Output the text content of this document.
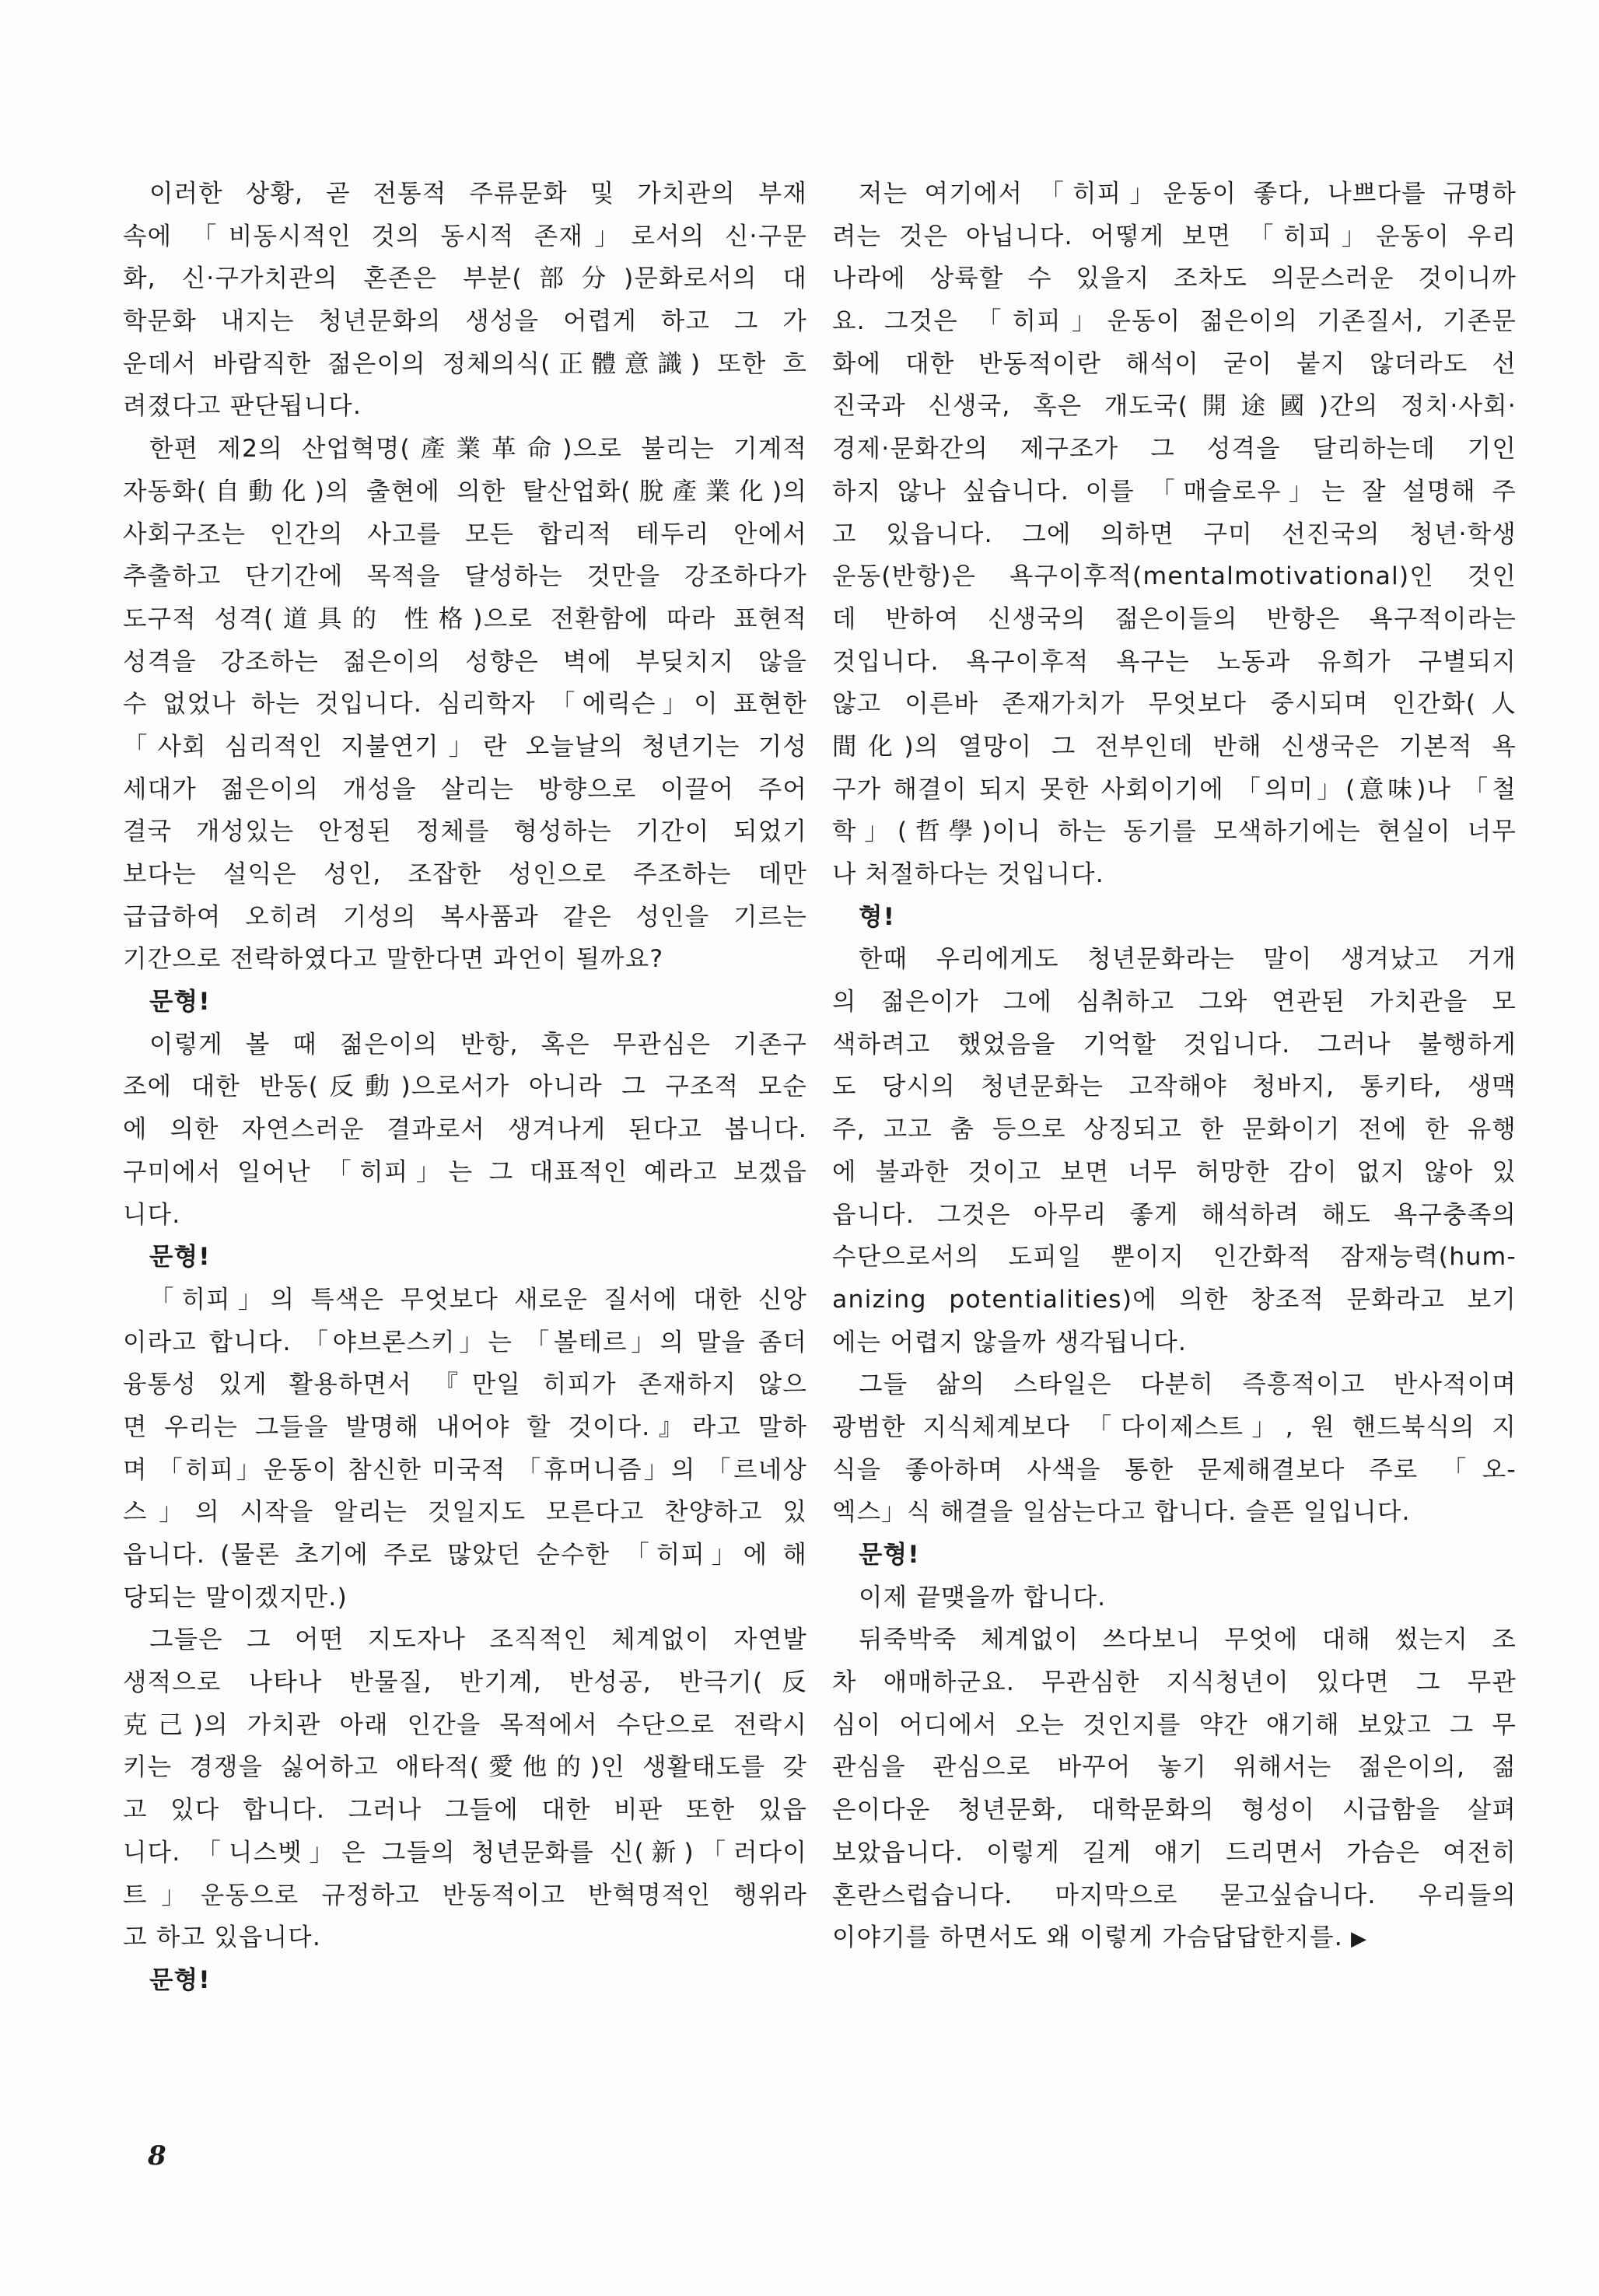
이러한 상황, 곧 전통적 주류문화 및 가치관의 부재
속에 「비동시적인 것의 동시적 존재」로서의 신·구문
화, 신·구가치관의 혼존은 부분(部分)문화로서의 대
학문화 내지는 청년문화의 생성을 어렵게 하고 그 가
운데서 바람직한 젊은이의 정체의식(正體意識) 또한 흐
려졌다고 판단됩니다.
한편 제2의 산업혁명(產業革命)으로 불리는 기계적
자동화(自動化)의 출현에 의한 탈산업화(脫產業化)의
사회구조는 인간의 사고를 모든 합리적 테두리 안에서
추출하고 단기간에 목적을 달성하는 것만을 강조하다가
도구적 성격(道具的 性格)으로 전환함에 따라 표현적
성격을 강조하는 젊은이의 성향은 벽에 부딪치지 않을
수 없었나 하는 것입니다. 심리학자 「에릭슨」이 표현한
「사회 심리적인 지불연기」란 오늘날의 청년기는 기성
세대가 젊은이의 개성을 살리는 방향으로 이끌어 주어
결국 개성있는 안정된 정체를 형성하는 기간이 되었기
보다는 설익은 성인, 조잡한 성인으로 주조하는 데만
급급하여 오히려 기성의 복사품과 같은 성인을 기르는
기간으로 전락하였다고 말한다면 과언이 될까요?
문형!
이렇게 볼 때 젊은이의 반항, 혹은 무관심은 기존구
조에 대한 반동(反動)으로서가 아니라 그 구조적 모순
에 의한 자연스러운 결과로서 생겨나게 된다고 봅니다.
구미에서 일어난 「히피」는 그 대표적인 예라고 보겠읍
니다.
문형!
「히피」의 특색은 무엇보다 새로운 질서에 대한 신앙
이라고 합니다. 「야브론스키」는 「볼테르」의 말을 좀더
융통성 있게 활용하면서 『만일 히피가 존재하지 않으
면 우리는 그들을 발명해 내어야 할 것이다.』라고 말하
며 「히피」운동이 참신한 미국적 「휴머니즘」의 「르네상
스」의 시작을 알리는 것일지도 모른다고 찬양하고 있
읍니다. (물론 초기에 주로 많았던 순수한 「히피」에 해
당되는 말이겠지만.)
그들은 그 어떤 지도자나 조직적인 체계없이 자연발
생적으로 나타나 반물질, 반기계, 반성공, 반극기(反
克己)의 가치관 아래 인간을 목적에서 수단으로 전락시
키는 경쟁을 싫어하고 애타적(愛他的)인 생활태도를 갖
고 있다 합니다. 그러나 그들에 대한 비판 또한 있읍
니다. 「니스벳」은 그들의 청년문화를 신(新)「러다이
트」운동으로 규정하고 반동적이고 반혁명적인 행위라
고 하고 있읍니다.
문형!
저는 여기에서 「히피」운동이 좋다, 나쁘다를 규명하
려는 것은 아닙니다. 어떻게 보면 「히피」운동이 우리
나라에 상륙할 수 있을지 조차도 의문스러운 것이니까
요. 그것은 「히피」운동이 젊은이의 기존질서, 기존문
화에 대한 반동적이란 해석이 굳이 붙지 않더라도 선
진국과 신생국, 혹은 개도국(開途國)간의 정치·사회·
경제·문화간의 제구조가 그 성격을 달리하는데 기인
하지 않나 싶습니다. 이를 「매슬로우」는 잘 설명해 주
고 있읍니다. 그에 의하면 구미 선진국의 청년·학생
운동(반항)은 욕구이후적(mentalmotivational)인 것인
데 반하여 신생국의 젊은이들의 반항은 욕구적이라는
것입니다. 욕구이후적 욕구는 노동과 유희가 구별되지
않고 이른바 존재가치가 무엇보다 중시되며 인간화(人
間化)의 열망이 그 전부인데 반해 신생국은 기본적 욕
구가 해결이 되지 못한 사회이기에 「의미」(意味)나 「철
학」(哲學)이니 하는 동기를 모색하기에는 현실이 너무
나 처절하다는 것입니다.
형!
한때 우리에게도 청년문화라는 말이 생겨났고 거개
의 젊은이가 그에 심취하고 그와 연관된 가치관을 모
색하려고 했었음을 기억할 것입니다. 그러나 불행하게
도 당시의 청년문화는 고작해야 청바지, 통키타, 생맥
주, 고고 춤 등으로 상징되고 한 문화이기 전에 한 유행
에 불과한 것이고 보면 너무 허망한 감이 없지 않아 있
읍니다. 그것은 아무리 좋게 해석하려 해도 욕구충족의
수단으로서의 도피일 뿐이지 인간화적 잠재능력(hum-
anizing potentialities)에 의한 창조적 문화라고 보기
에는 어렵지 않을까 생각됩니다.
그들 삶의 스타일은 다분히 즉흥적이고 반사적이며
광범한 지식체계보다 「다이제스트」, 원 핸드북식의 지
식을 좋아하며 사색을 통한 문제해결보다 주로 「오-
엑스」식 해결을 일삼는다고 합니다. 슬픈 일입니다.
문형!
이제 끝맺을까 합니다.
뒤죽박죽 체계없이 쓰다보니 무엇에 대해 썼는지 조
차 애매하군요. 무관심한 지식청년이 있다면 그 무관
심이 어디에서 오는 것인지를 약간 얘기해 보았고 그 무
관심을 관심으로 바꾸어 놓기 위해서는 젊은이의, 젊
은이다운 청년문화, 대학문화의 형성이 시급함을 살펴
보았읍니다. 이렇게 길게 얘기 드리면서 가슴은 여전히
혼란스럽습니다. 마지막으로 묻고싶습니다. 우리들의
이야기를 하면서도 왜 이렇게 가슴답답한지를. ▶
8
